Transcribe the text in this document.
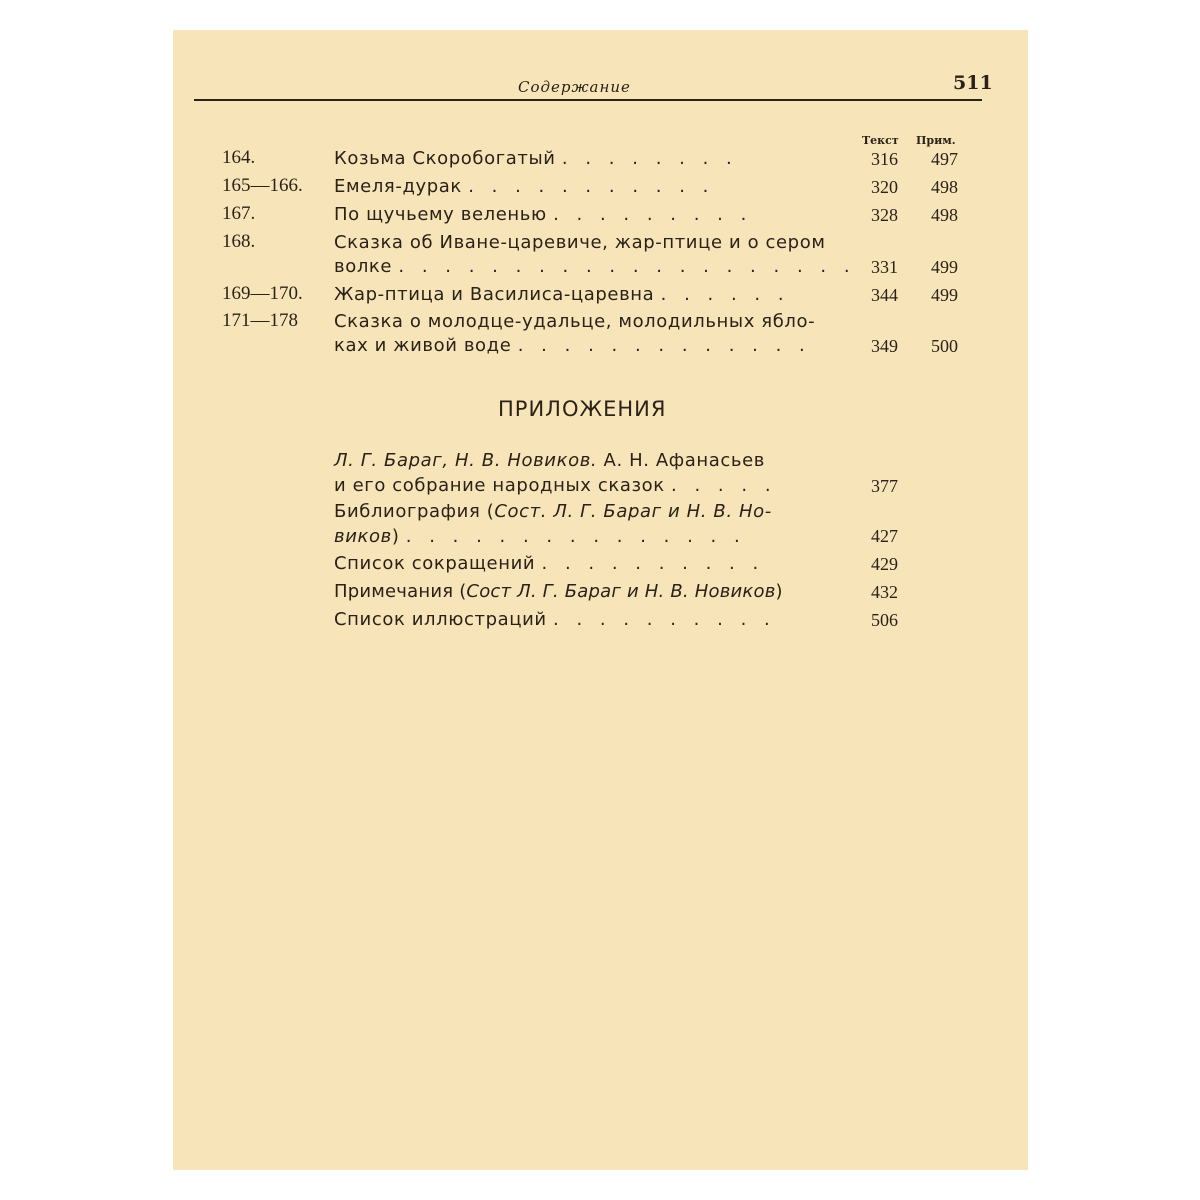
Содержание	511
Текст Прим.
164.	Козьма Скоробогатый . . . . . . . .	316	497
165—166. Емеля-дурак . . . . . . . . . . .	320	498
167.	По щучьему веленью . . . . . . . . .	328	498
168.	Сказка об Иване-царевиче, жар-птице и о сером
волке . . . . . . . . . . . . . . . . . . . . 331	499
169—170. Жар-птица и Василиса-царевна . . . . . .	344	499
171—178 Сказка о молодце-удальце, молодильных ябло-
ках и живой воде . . . . . . . . . . . . .	349	500
ПРИЛОЖЕНИЯ
Л. Г. Бараг, Н. В. Новиков. А. Н. Афанасьев
и его собрание народных сказок . . . . .	377
Библиография (Сост. Л. Г. Бараг и Н. В. Но-
виков) . . . . . . . . . . . . . . .	427
Список сокращений . . . . . . . . . .	429
Примечания (Сост Л. Г. Бараг и Н. В. Новиков)	432
Список иллюстраций . . . . . . . . . .	506
